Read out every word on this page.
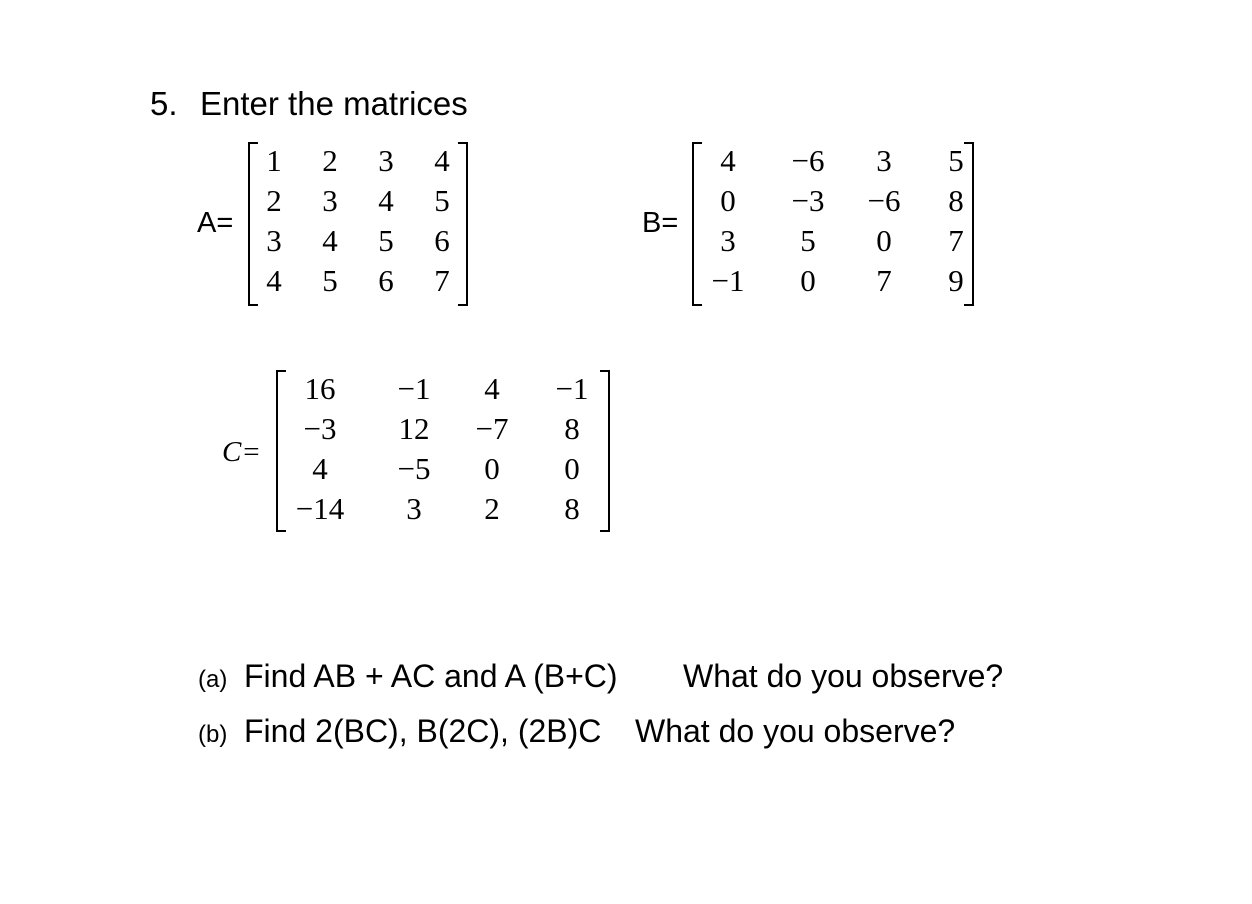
5. Enter the matrices
A=
1	2	3	4
2	3	4	5
3	4	5	6
4	5	6	7
B=
4	−6	3	5
0	−3	−6	8
3	5	0	7
−1	0	7	9
C=
16	−1	4	−1
−3	12	−7	8
4	−5	0	0
−14	3	2	8
(a) Find AB + AC and A (B+C) What do you observe?
(b) Find 2(BC), B(2C), (2B)C What do you observe?
